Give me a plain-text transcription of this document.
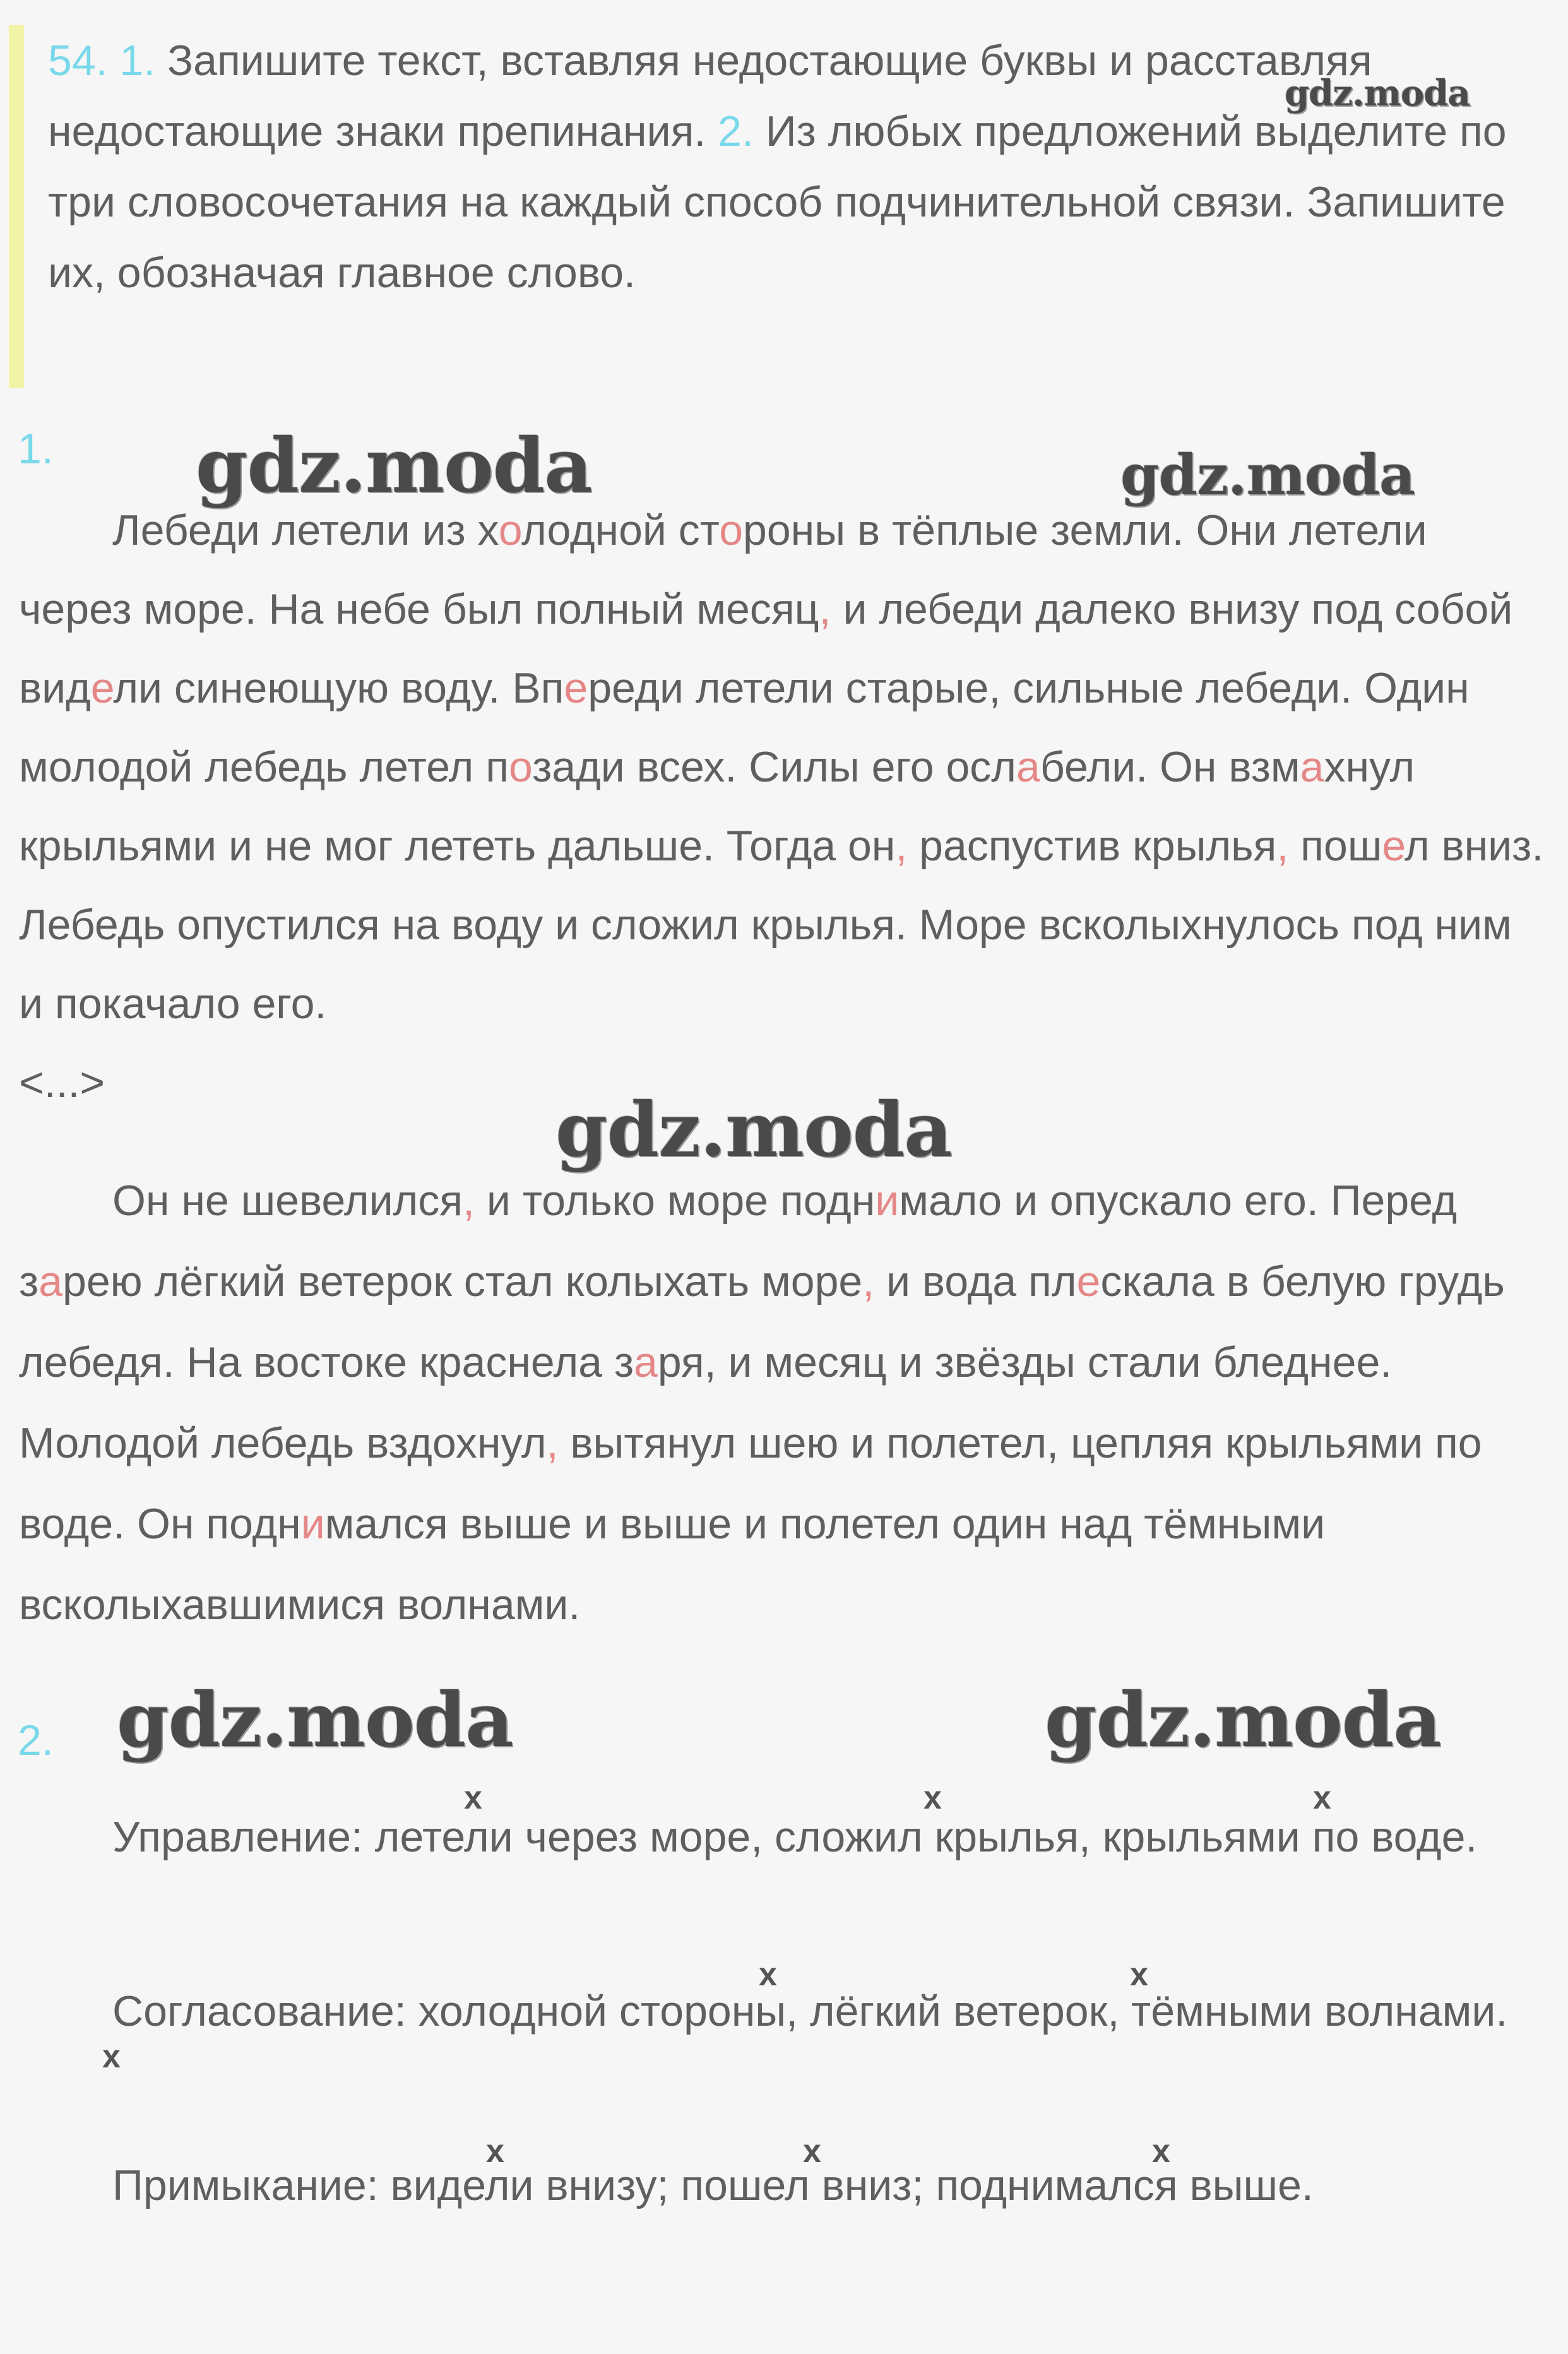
54. 1. Запишите текст, вставляя недостающие буквы и расставляя недостающие знаки препинания. 2. Из любых предложений выделите по три словосочетания на каждый способ подчинительной связи. Запишите их, обозначая главное слово.
gdz.moda
1. gdz.moda	gdz.moda

Лебеди летели из холодной стороны в тёплые земли. Они летели через море. На небе был полный месяц, и лебеди далеко внизу под собой видели синеющую воду. Впереди летели старые, сильные лебеди. Один молодой лебедь летел позади всех. Силы его ослабели. Он взмахнул крыльями и не мог лететь дальше. Тогда он, распустив крылья, пошел вниз. Лебедь опустился на воду и сложил крылья. Море всколыхнулось под ним и покачало его.

<...>

gdz.moda

Он не шевелился, и только море поднимало и опускало его. Перед зарею лёгкий ветерок стал колыхать море, и вода плескала в белую грудь лебедя. На востоке краснела заря, и месяц и звёзды стали бледнее. Молодой лебедь вздохнул, вытянул шею и полетел, цепляя крыльями по воде. Он поднимался выше и выше и полетел один над тёмными всколыхавшимися волнами.

2. gdz.moda	gdz.moda
x	x	x

Управление: летели через море, сложил крылья, крыльями по воде.

x	x
x

Согласование: холодной стороны, лёгкий ветерок, тёмными волнами.

x	x	x

Примыкание: видели внизу; пошел вниз; поднимался выше.
